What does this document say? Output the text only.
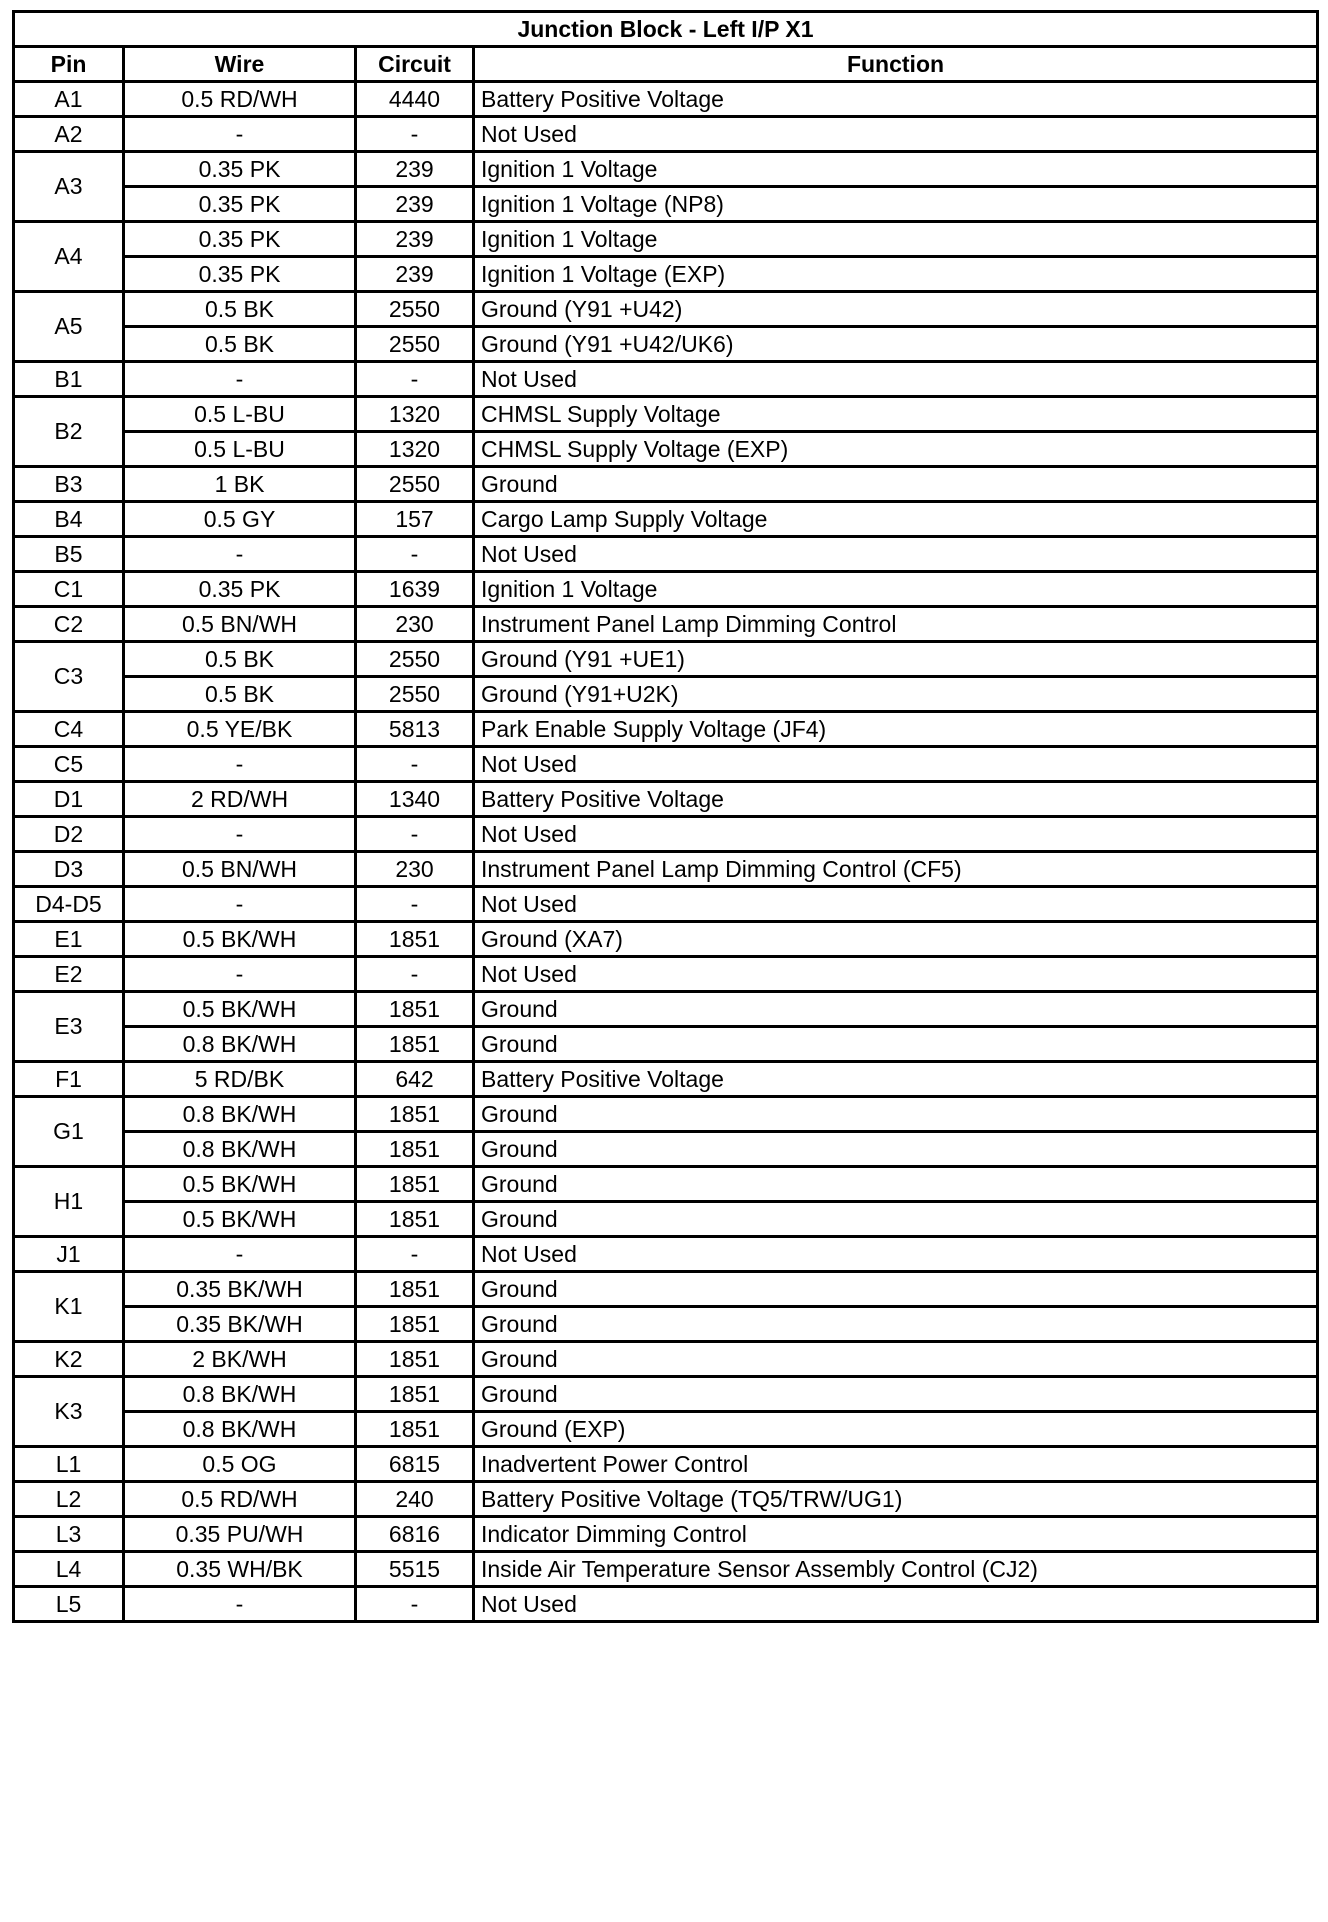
Junction Block - Left I/P X1			
Pin	Wire	Circuit	Function
A1	0.5 RD/WH	4440	Battery Positive Voltage
A2	-	-	Not Used
A3	0.35 PK	239	Ignition 1 Voltage
	0.35 PK	239	Ignition 1 Voltage (NP8)
A4	0.35 PK	239	Ignition 1 Voltage
	0.35 PK	239	Ignition 1 Voltage (EXP)
A5	0.5 BK	2550	Ground (Y91 +U42)
	0.5 BK	2550	Ground (Y91 +U42/UK6)
B1	-	-	Not Used
B2	0.5 L-BU	1320	CHMSL Supply Voltage
	0.5 L-BU	1320	CHMSL Supply Voltage (EXP)
B3	1 BK	2550	Ground
B4	0.5 GY	157	Cargo Lamp Supply Voltage
B5	-	-	Not Used
C1	0.35 PK	1639	Ignition 1 Voltage
C2	0.5 BN/WH	230	Instrument Panel Lamp Dimming Control
C3	0.5 BK	2550	Ground (Y91 +UE1)
	0.5 BK	2550	Ground (Y91+U2K)
C4	0.5 YE/BK	5813	Park Enable Supply Voltage (JF4)
C5	-	-	Not Used
D1	2 RD/WH	1340	Battery Positive Voltage
D2	-	-	Not Used
D3	0.5 BN/WH	230	Instrument Panel Lamp Dimming Control (CF5)
D4-D5	-	-	Not Used
E1	0.5 BK/WH	1851	Ground (XA7)
E2	-	-	Not Used
E3	0.5 BK/WH	1851	Ground
	0.8 BK/WH	1851	Ground
F1	5 RD/BK	642	Battery Positive Voltage
G1	0.8 BK/WH	1851	Ground
	0.8 BK/WH	1851	Ground
H1	0.5 BK/WH	1851	Ground
	0.5 BK/WH	1851	Ground
J1	-	-	Not Used
K1	0.35 BK/WH	1851	Ground
	0.35 BK/WH	1851	Ground
K2	2 BK/WH	1851	Ground
K3	0.8 BK/WH	1851	Ground
	0.8 BK/WH	1851	Ground (EXP)
L1	0.5 OG	6815	Inadvertent Power Control
L2	0.5 RD/WH	240	Battery Positive Voltage (TQ5/TRW/UG1)
L3	0.35 PU/WH	6816	Indicator Dimming Control
L4	0.35 WH/BK	5515	Inside Air Temperature Sensor Assembly Control (CJ2)
L5	-	-	Not Used
